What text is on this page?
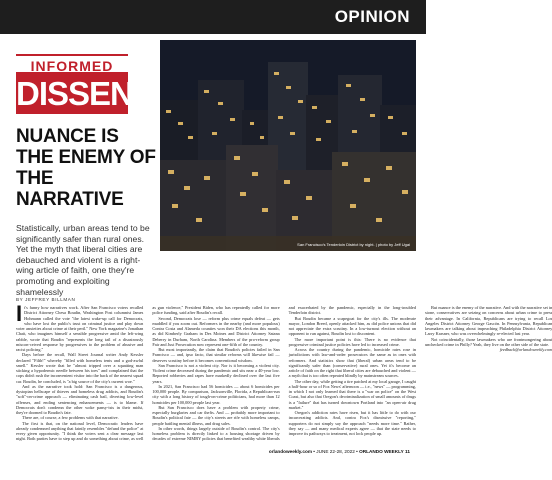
OPINION
INFORMED
DISSENT
NUANCE IS THE ENEMY OF THE NARRATIVE
Statistically, urban areas tend to be significantly safer than rural ones. Yet the myth that liberal cities are debauched and violent is a right-wing article of faith, one they're promoting and exploiting shamelessly
BY JEFFREY BILLMAN
San Francisco's Tenderloin District by night. | photo by Jeff Ugai

It's funny how narratives work. After San Francisco voters recalled District Attorney Chesa Boudin, Washington Post columnist James Hohmann called the vote "the latest wake-up call for Democrats, who have lost the public's trust on criminal justice and play down voter anxieties about crime at their peril." New York magazine's Jonathan Chait, who imagines himself a sensible progressive amid the left-wing rabble, wrote that Boudin "represents the long tail of a disastrously miscon-ceived response by progressives to the problem of abusive and racist policing."

Days before the recall, Wall Street Journal writer Andy Kessler declared "Filth!" whereby "filled with homeless tents and a god-awful smell." Kessler wrote that he "almost tripped over a squatting man sticking a hypodermic needle between his toes" and complained that the cops didn't rush the inconvenient visitor into the back of the nearest squad car. Boudin, he concluded, is "a big source of the city's current woe."

And as the narrative took hold: San Francisco is a dangerous, dystopian hellscape of thieves and homeless drug addicts, and Boudin's "soft"-on-crime approach — eliminating cash bail, diverting low-level offenses, and ending sentencing enhancements — is to blame. If Democrats don't condemn the other woke pansy-ists in their midst, they're doomed to Boudin's fate.

There are, of course, a few problems with that narrative.

The first is that, on the national level, Democratic leaders have already condemned anything that faintly resembles "defund the police" at every given opportunity. "I think the voters sent a clear message last night. Both parties have to step up and do something about crime, as well as gun violence," President Biden, who has repeatedly called for more police funding, said after Boudin's recall.

Second, Democrats lose — reform plus crime equals defeat — gets muddled if you zoom out. Reformers in the nearby (and more populous) Contra Costa and Alameda counties won their DA elections this month, as did Kimberly Graham in Des Moines and District Attorney Satana Deberry in Durham, North Carolina. Members of the pro-reform group Fair and Just Prosecution now represent one-fifth of the country.

But most importantly, the claim that Boudin's policies failed in San Francisco — and, ipso facto, that similar reforms will likewise fail — deserves scrutiny before it becomes conventional wisdom.

San Francisco is not a violent city. Nor is it becoming a violent city. Violent crime decreased during the pandemic and sits near a 40-year low. Reported robberies and rapes have markedly declined over the last five years.

In 2021, San Francisco had 56 homicides — about 6 homicides per 100,000 people. By comparison, Jacksonville, Florida, a Republican-run city with a long history of tough-on-crime politicians, had more than 12 homicides per 100,000 people last year.

But San Francisco does have a problem with property crime, especially burglaries and car thefts. And — probably more important to Boudin's political fate — the city's streets are rife with homeless camps, people battling mental illness, and drug sales.

In other words, things largely outside of Boudin's control. The city's homeless problem is directly linked to a housing shortage driven by decades of extreme NIMBY policies that benefited wealthy white liberals and exacerbated by the pandemic, especially in the long-troubled Tenderloin district.

But Boudin became a scapegoat for the city's ills. The moderate mayor, London Breed, openly attacked him, as did police unions that did not appreciate the extra scrutiny. In a low-turnout election without an opponent to run against, Boudin lost to discontent.

The more important point is this: There is no evidence that progressive criminal justice policies have led to increased crime.

Across the country during the pandemic, homicide rates rose in jurisdictions with law-and-order prosecutors the same as in ones with reformers. And statistics show that (liberal) urban areas tend to be significantly safer than (conservative) rural ones. Yet it's become an article of faith on the right that liberal cities are debauched and violent — a myth that is too often repeated blindly by mainstream sources.

The other day, while getting a tire patched at my local garage, I caught a half-hour or so of Fox News' afternoon — i.e., "news" — programming, in which I not only learned that there is a "war on police" on the West Coast, but also that Oregon's decriminalization of small amounts of drugs is a "failure" that has turned downtown Portland into "an open-air drug market."

Oregon's addiction rates have risen, but it has little to do with our incarcerating addicts. And, contra Fox's dismissive "reporting," supporters do not simply say the approach "needs more time." Rather, they say — and many medical experts agree — that the state needs to improve its pathways to treatment, not lock people up.

But nuance is the enemy of the narrative. And with the narrative set in stone, conservatives are seizing on concerns about urban crime to press their advantage. In California, Republicans are trying to recall Los Angeles District Attorney George Gascón. In Pennsylvania, Republican lawmakers are talking about impeaching Philadelphia District Attorney Larry Krasner, who was overwhelmingly re-elected last year.

Not coincidentally, those lawmakers who are frontmongering about unchecked crime in Philly? Yeah, they live on the other side of the state.

feedback@orlandoweekly.com

orlandoweekly.com • JUNE 22-28, 2022 • ORLANDO WEEKLY 11
